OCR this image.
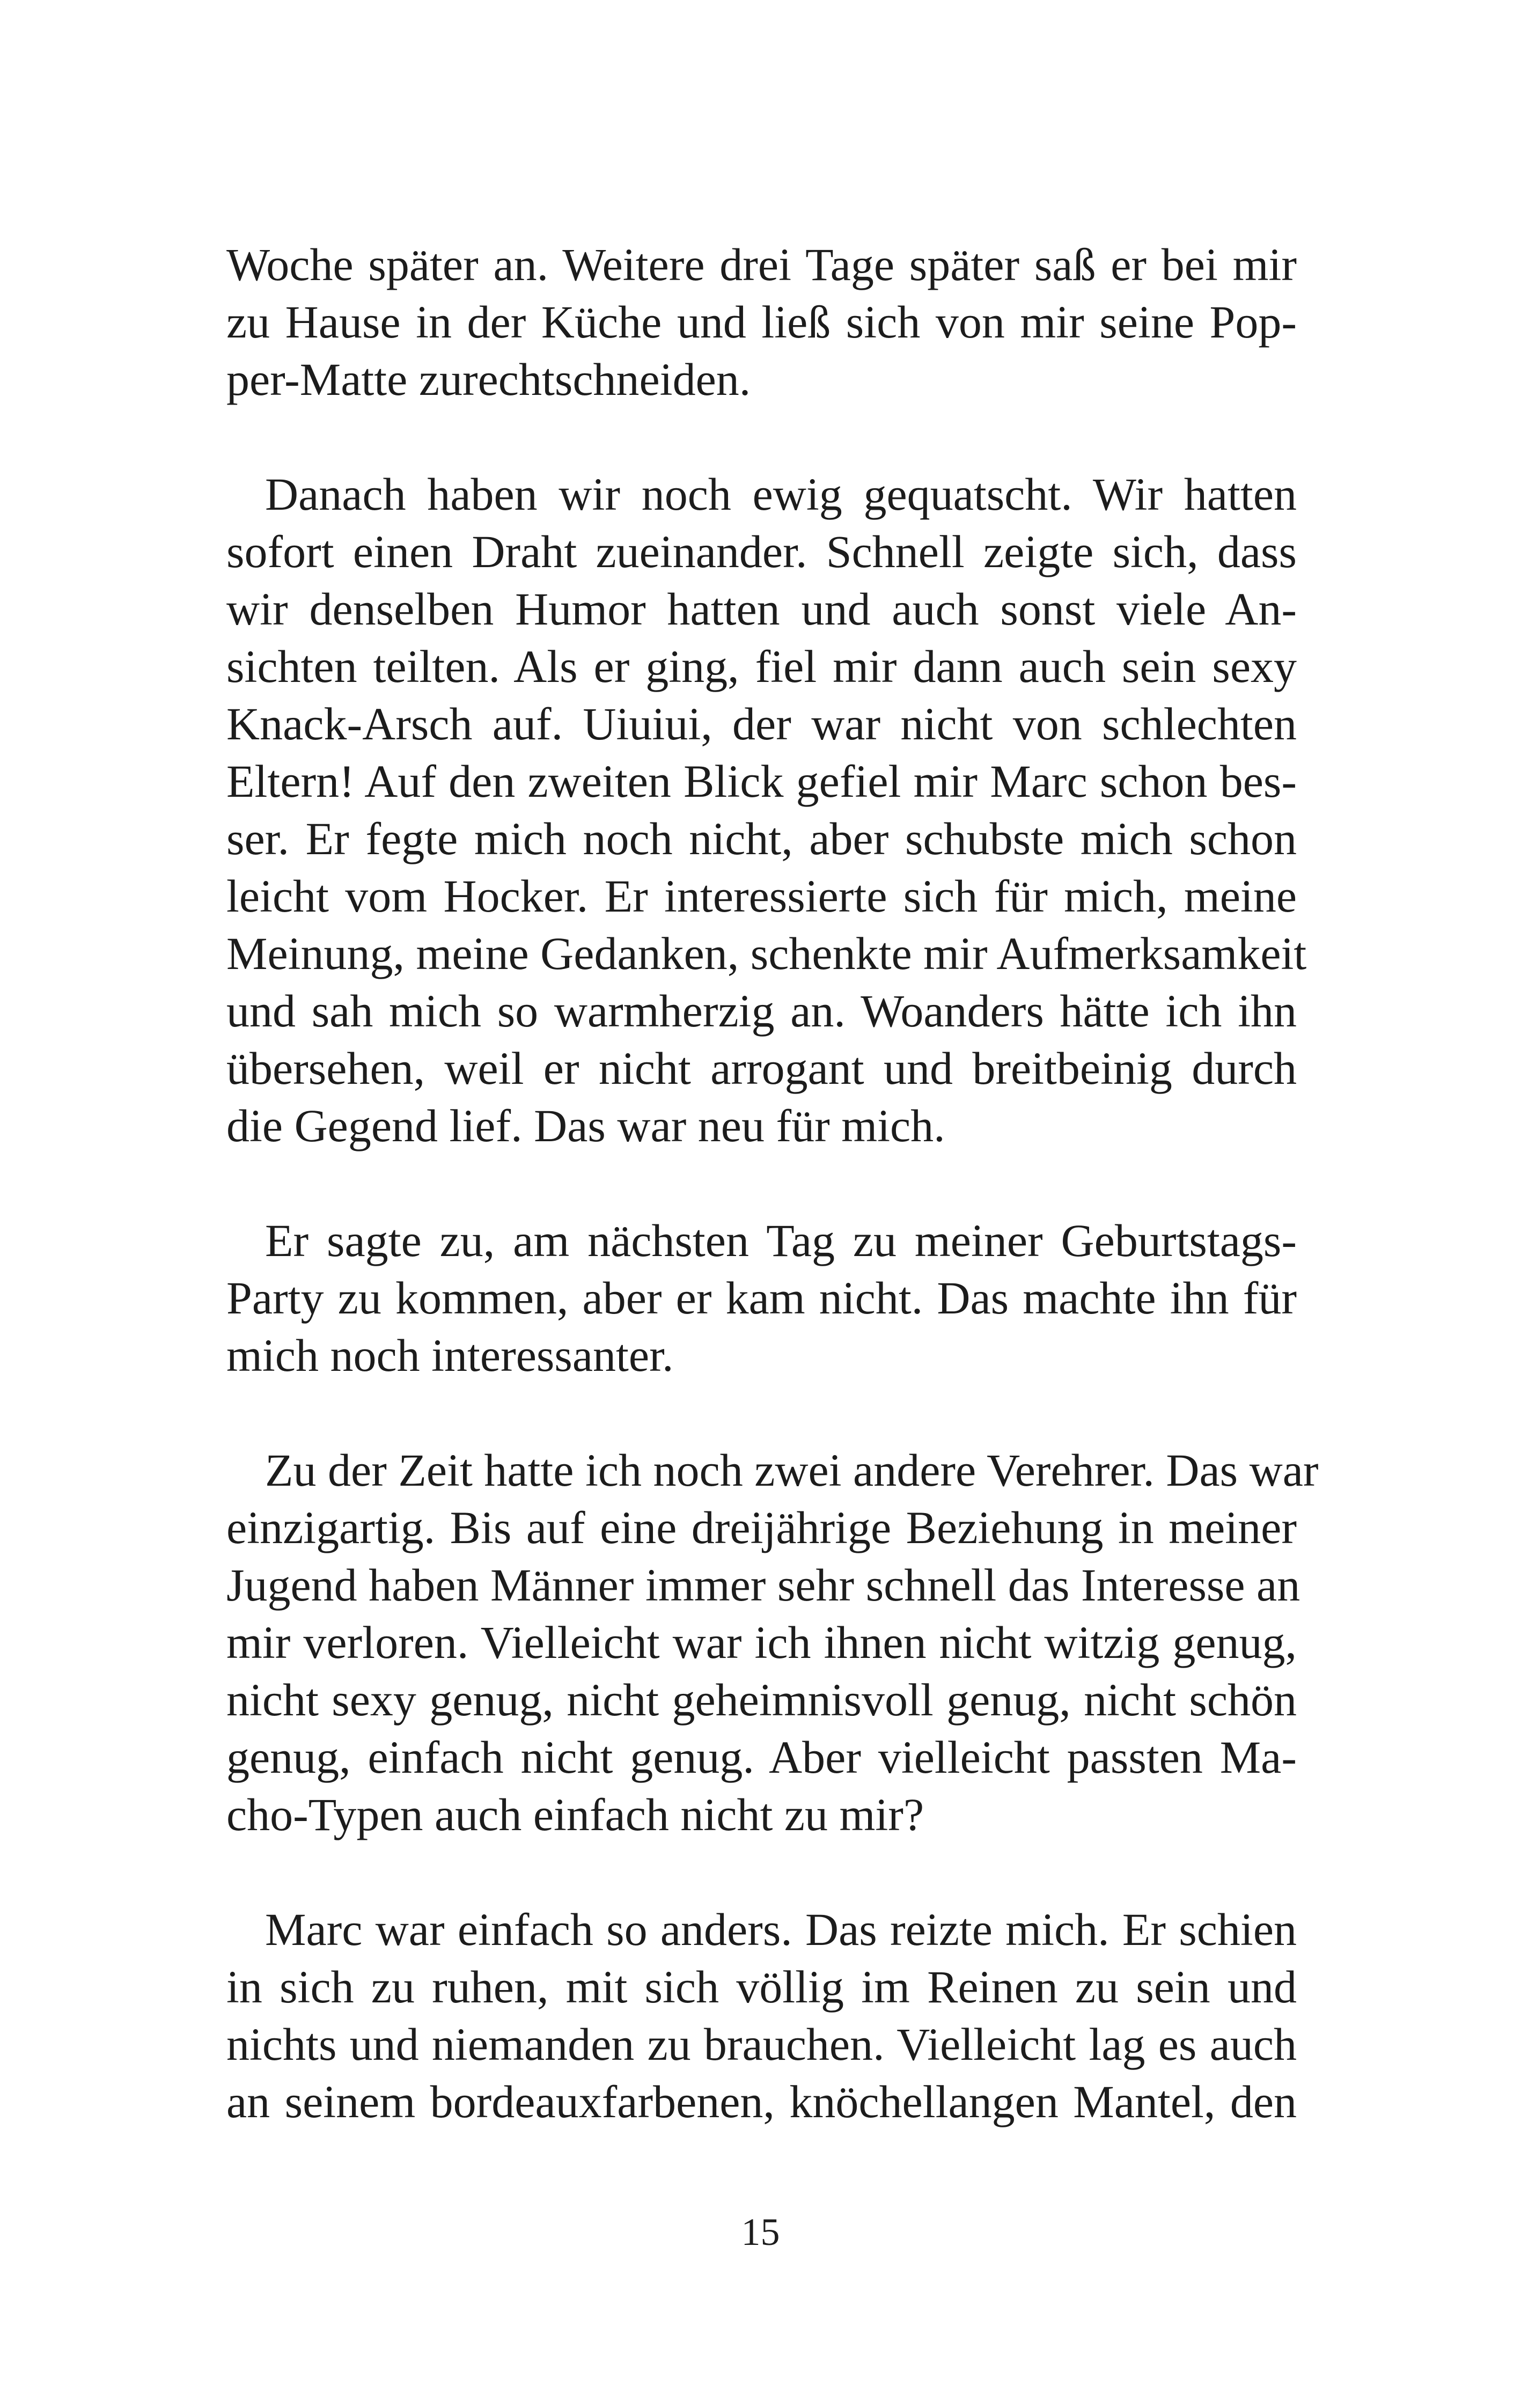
Woche später an. Weitere drei Tage später saß er bei mir
zu Hause in der Küche und ließ sich von mir seine Pop-
per-Matte zurechtschneiden.
Danach haben wir noch ewig gequatscht. Wir hatten
sofort einen Draht zueinander. Schnell zeigte sich, dass
wir denselben Humor hatten und auch sonst viele An-
sichten teilten. Als er ging, fiel mir dann auch sein sexy
Knack-Arsch auf. Uiuiui, der war nicht von schlechten
Eltern! Auf den zweiten Blick gefiel mir Marc schon bes-
ser. Er fegte mich noch nicht, aber schubste mich schon
leicht vom Hocker. Er interessierte sich für mich, meine
Meinung, meine Gedanken, schenkte mir Aufmerksamkeit
und sah mich so warmherzig an. Woanders hätte ich ihn
übersehen, weil er nicht arrogant und breitbeinig durch
die Gegend lief. Das war neu für mich.
Er sagte zu, am nächsten Tag zu meiner Geburtstags-
Party zu kommen, aber er kam nicht. Das machte ihn für
mich noch interessanter.
Zu der Zeit hatte ich noch zwei andere Verehrer. Das war
einzigartig. Bis auf eine dreijährige Beziehung in meiner
Jugend haben Männer immer sehr schnell das Interesse an
mir verloren. Vielleicht war ich ihnen nicht witzig genug,
nicht sexy genug, nicht geheimnisvoll genug, nicht schön
genug, einfach nicht genug. Aber vielleicht passten Ma-
cho-Typen auch einfach nicht zu mir?
Marc war einfach so anders. Das reizte mich. Er schien
in sich zu ruhen, mit sich völlig im Reinen zu sein und
nichts und niemanden zu brauchen. Vielleicht lag es auch
an seinem bordeauxfarbenen, knöchellangen Mantel, den
15
